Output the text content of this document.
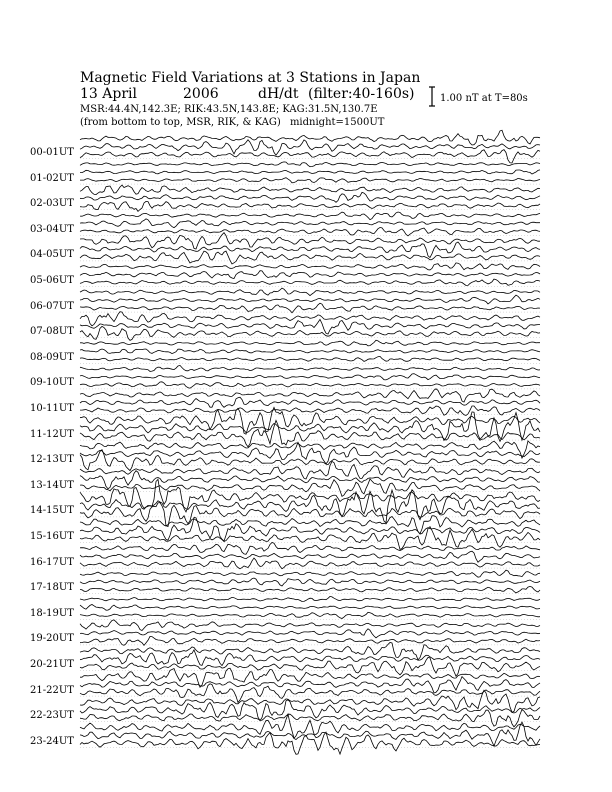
Magnetic Field Variations at 3 Stations in Japan
13 April	2006	dH/dt (filter:40-160s)
MSR:44.4N,142.3E; RIK:43.5N,143.8E; KAG:31.5N,130.7E
(from bottom to top, MSR, RIK, & KAG) midnight=1500UT
1.00 nT at T=80s
00-01UT
01-02UT
02-03UT
03-04UT
04-05UT
05-06UT
06-07UT
07-08UT
08-09UT
09-10UT
10-11UT
11-12UT
12-13UT
13-14UT
14-15UT
15-16UT
16-17UT
17-18UT
18-19UT
19-20UT
20-21UT
21-22UT
22-23UT
23-24UT
